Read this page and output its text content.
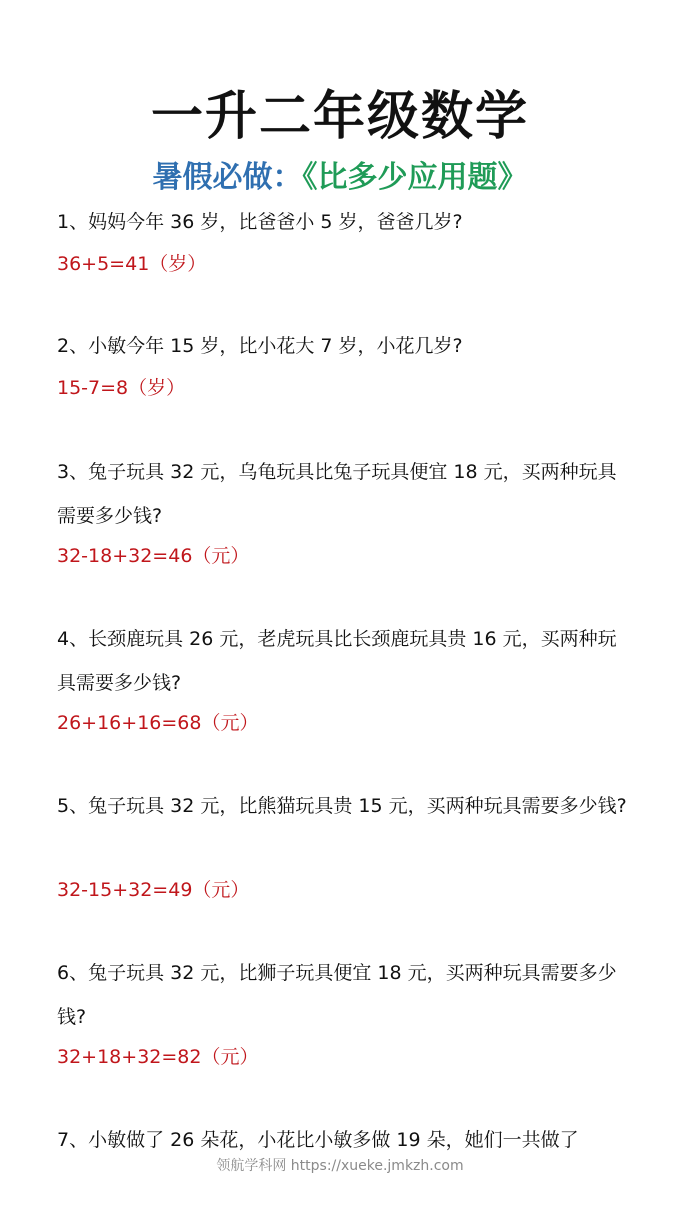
一升二年级数学
暑假必做：《比多少应用题》
1、妈妈今年 36 岁，比爸爸小 5 岁，爸爸几岁?
36+5=41（岁）
2、小敏今年 15 岁，比小花大 7 岁，小花几岁?
15-7=8（岁）
3、兔子玩具 32 元，乌龟玩具比兔子玩具便宜 18 元，买两种玩具需要多少钱?
32-18+32=46（元）
4、长颈鹿玩具 26 元，老虎玩具比长颈鹿玩具贵 16 元，买两种玩具需要多少钱?
26+16+16=68（元）
5、兔子玩具 32 元，比熊猫玩具贵 15 元，买两种玩具需要多少钱?
32-15+32=49（元）
6、兔子玩具 32 元，比狮子玩具便宜 18 元，买两种玩具需要多少钱?
32+18+32=82（元）
7、小敏做了 26 朵花，小花比小敏多做 19 朵，她们一共做了
领航学科网 https://xueke.jmkzh.com
